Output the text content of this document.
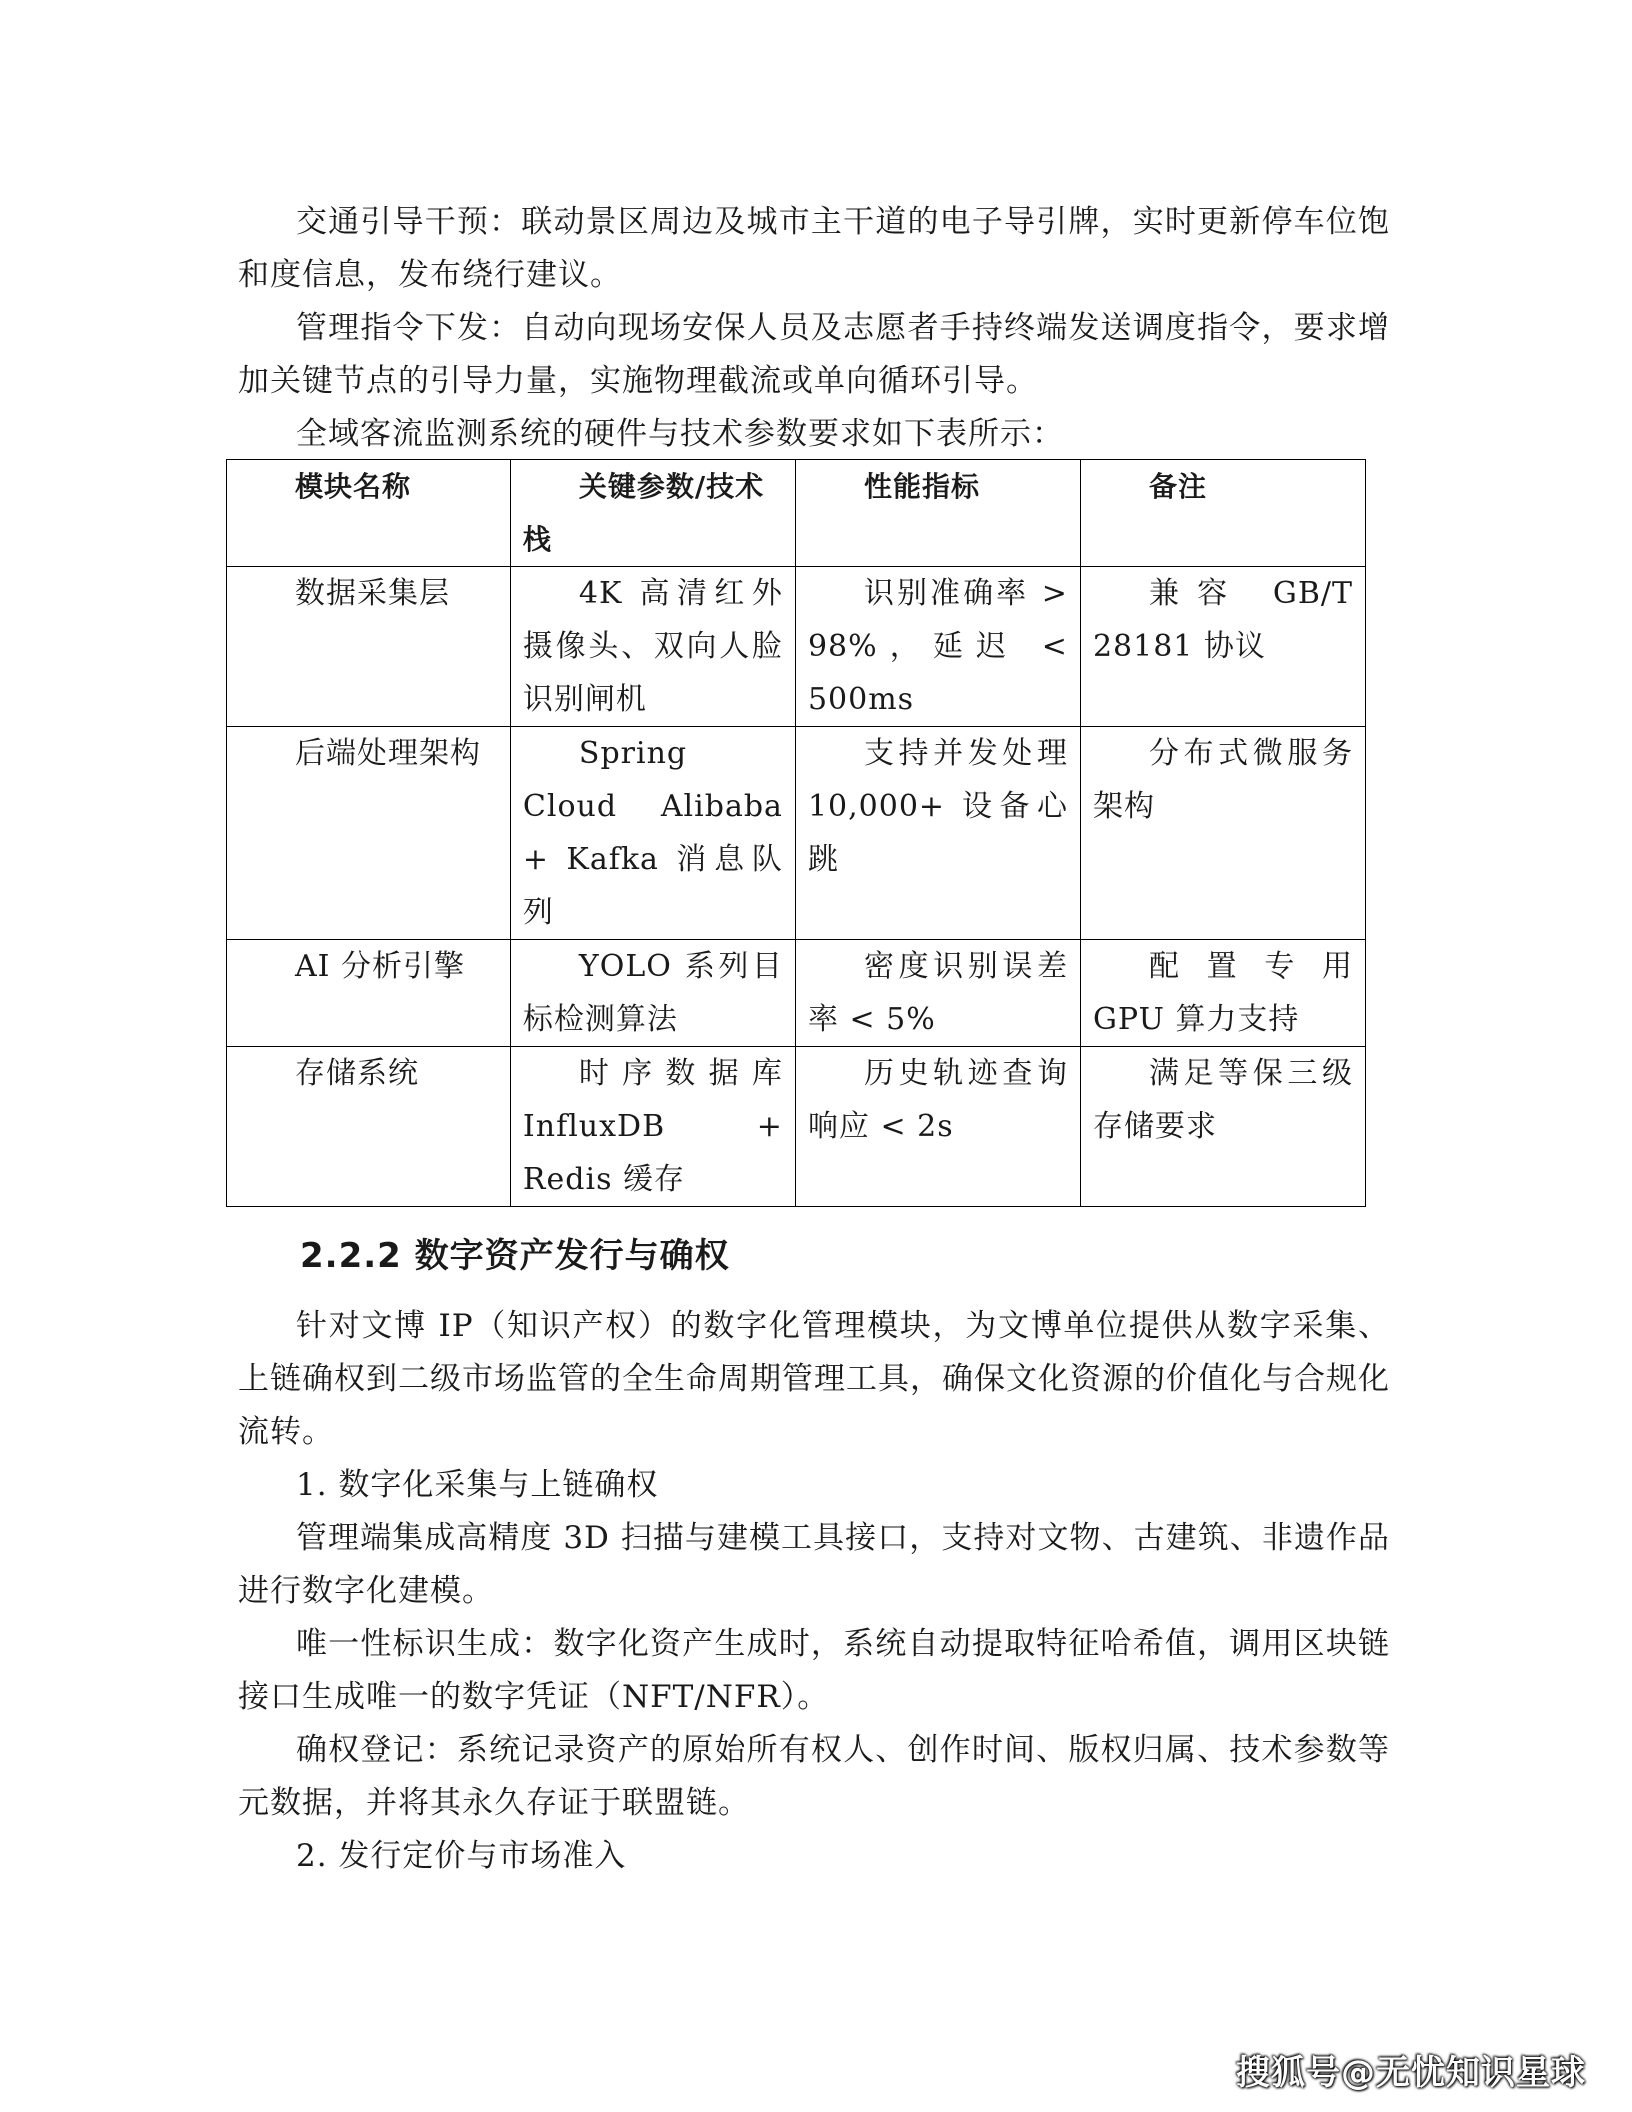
交通引导干预：联动景区周边及城市主干道的电子导引牌，实时更新停车位饱和度信息，发布绕行建议。

管理指令下发：自动向现场安保人员及志愿者手持终端发送调度指令，要求增加关键节点的引导力量，实施物理截流或单向循环引导。

全域客流监测系统的硬件与技术参数要求如下表所示：

模块名称	关键参数/技术栈	性能指标	备注
数据采集层	4K 高清红外摄像头、双向人脸识别闸机	识别准确率 > 98%，延迟 < 500ms	兼容 GB/T 28181 协议
后端处理架构	Spring Cloud Alibaba + Kafka 消息队列	支持并发处理 10,000+ 设备心跳	分布式微服务架构
AI 分析引擎	YOLO 系列目标检测算法	密度识别误差率 < 5%	配置专用 GPU 算力支持
存储系统	时序数据库 InfluxDB + Redis 缓存	历史轨迹查询响应 < 2s	满足等保三级存储要求
2.2.2 数字资产发行与确权

针对文博 IP（知识产权）的数字化管理模块，为文博单位提供从数字采集、上链确权到二级市场监管的全生命周期管理工具，确保文化资源的价值化与合规化流转。

1. 数字化采集与上链确权

管理端集成高精度 3D 扫描与建模工具接口，支持对文物、古建筑、非遗作品进行数字化建模。

唯一性标识生成：数字化资产生成时，系统自动提取特征哈希值，调用区块链接口生成唯一的数字凭证（NFT/NFR）。

确权登记：系统记录资产的原始所有权人、创作时间、版权归属、技术参数等元数据，并将其永久存证于联盟链。

2. 发行定价与市场准入

搜狐号@无忧知识星球
